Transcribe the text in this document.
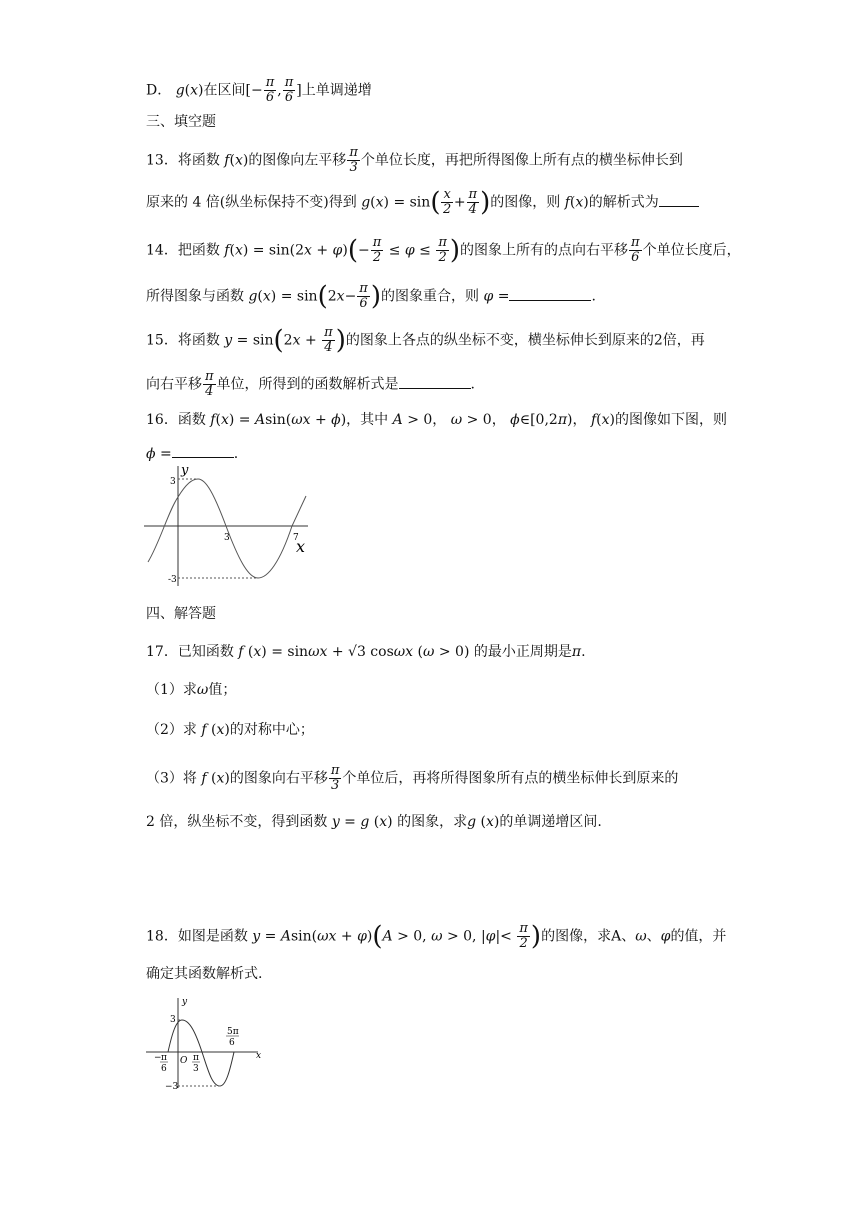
D． g(x)在区间[− $\frac{\pi}{6}$ , $\frac{\pi}{6}$ ]上单调递增
三、填空题
13．将函数 f(x)的图像向左平移 $\frac{\pi}{3}$ 个单位长度，再把所得图像上所有点的横坐标伸长到
原来的 4 倍(纵坐标保持不变)得到 $g(x) = \sin( \frac{x}{2} + \frac{\pi}{4}$ )的图像，则 f(x)的解析式为
14．把函数 $f(x) = \sin(2x + \varphi)(- \frac{\pi}{2} \le \varphi \le \frac{\pi}{2}$ )的图象上所有的点向右平移 $\frac{\pi}{6}$ 个单位长度后，
所得图象与函数 $g(x) = \sin(2x- \frac{\pi}{6}$ )的图象重合，则 φ =	.
15．将函数 $y = \sin(2x + \frac{\pi}{4}$ )的图象上各点的纵坐标不变，横坐标伸长到原来的2倍，再
向右平移 $\frac{\pi}{4}$ 单位，所得到的函数解析式是	.
16．函数 f(x) = Asin(ωx + ϕ)，其中 A > 0， ω > 0， ϕ∈[0,2π)， f(x)的图像如下图，则
ϕ =	.
y
3
-3
3	7
x
四、解答题
17．已知函数 f (x) = sinωx + √3 cosωx (ω > 0) 的最小正周期是π.
（1）求ω值；
（2）求 f (x)的对称中心；
（3）将 f (x)的图象向右平移 $\frac{\pi}{3}$ 个单位后，再将所得图象所有点的横坐标伸长到原来的
2 倍，纵坐标不变，得到函数 y = g (x) 的图象，求g (x)的单调递增区间.
18．如图是函数 y = Asin(ωx + φ)(A > 0, ω > 0, $|\varphi|< \frac{\pi}{2}$ )的图像，求A、ω、φ的值，并
确定其函数解析式.
y
x
3
−3
O
− π
6
π
3
5π
6
